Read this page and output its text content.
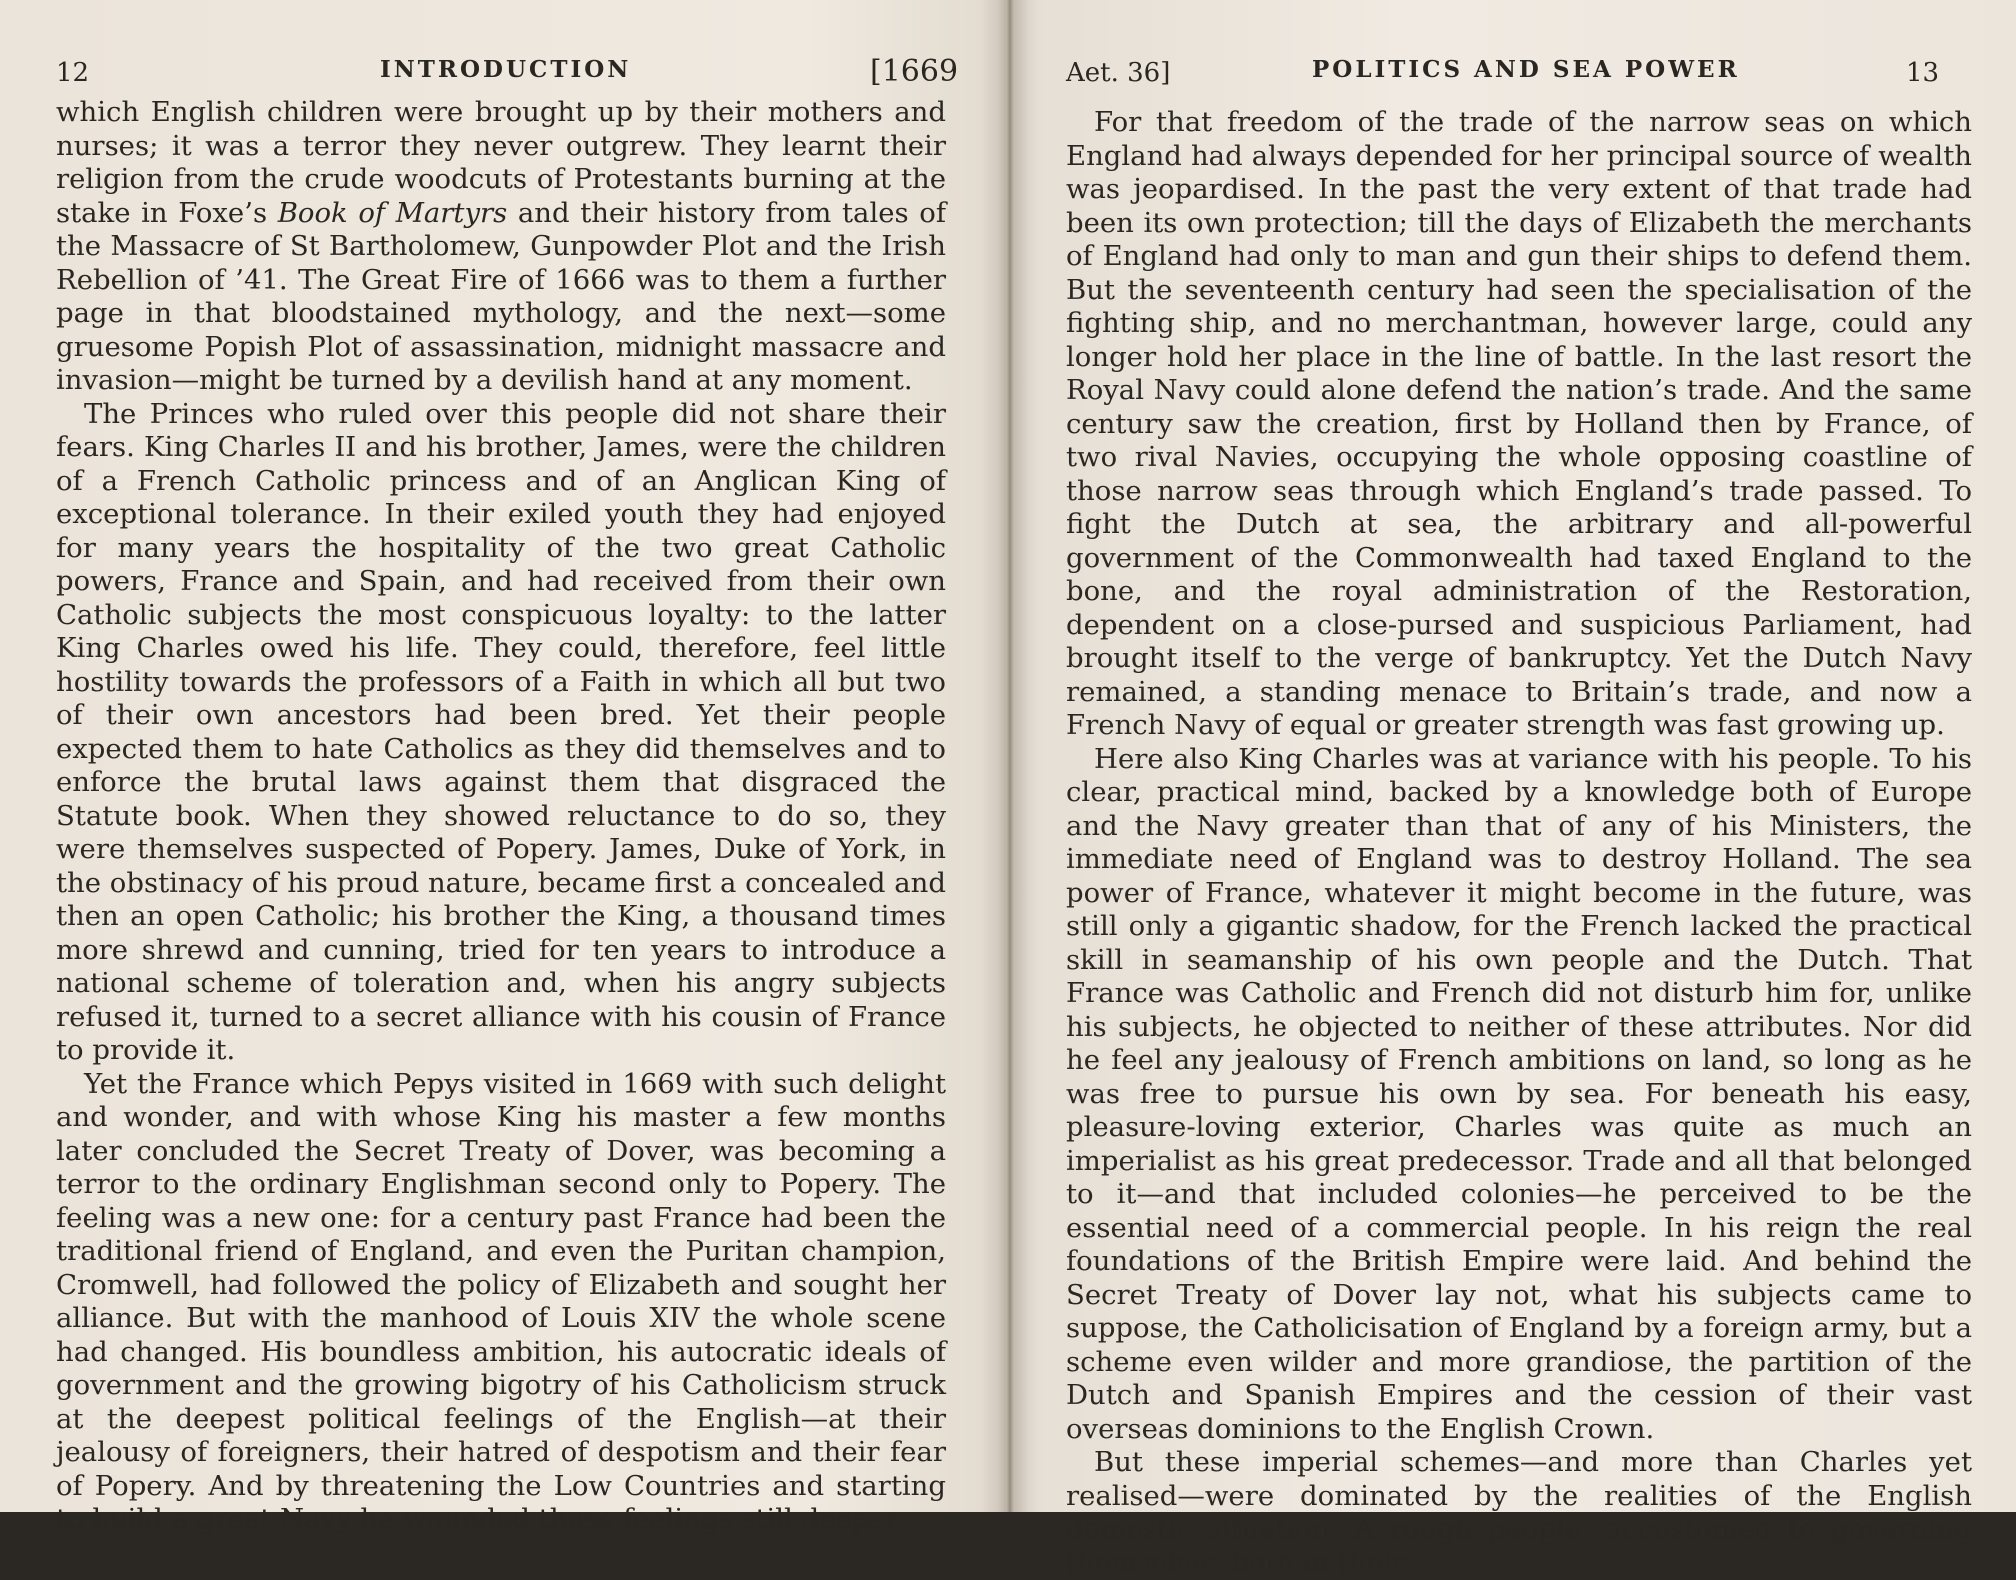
12	INTRODUCTION	[1669

which English children were brought up by their mothers and nurses; it was a terror they never outgrew. They learnt their religion from the crude woodcuts of Protestants burning at the stake in Foxe’s Book of Martyrs and their history from tales of the Massacre of St Bartholomew, Gunpowder Plot and the Irish Rebellion of ’41. The Great Fire of 1666 was to them a further page in that bloodstained mythology, and the next—some gruesome Popish Plot of assassination, midnight massacre and invasion—might be turned by a devilish hand at any moment.

The Princes who ruled over this people did not share their fears. King Charles II and his brother, James, were the children of a French Catholic princess and of an Anglican King of exceptional tolerance. In their exiled youth they had enjoyed for many years the hospitality of the two great Catholic powers, France and Spain, and had received from their own Catholic subjects the most conspicuous loyalty: to the latter King Charles owed his life. They could, therefore, feel little hostility towards the professors of a Faith in which all but two of their own ancestors had been bred. Yet their people expected them to hate Catholics as they did themselves and to enforce the brutal laws against them that disgraced the Statute book. When they showed reluctance to do so, they were themselves suspected of Popery. James, Duke of York, in the obstinacy of his proud nature, became first a concealed and then an open Catholic; his brother the King, a thousand times more shrewd and cunning, tried for ten years to introduce a national scheme of toleration and, when his angry subjects refused it, turned to a secret alliance with his cousin of France to provide it.

Yet the France which Pepys visited in 1669 with such delight and wonder, and with whose King his master a few months later concluded the Secret Treaty of Dover, was becoming a terror to the ordinary Englishman second only to Popery. The feeling was a new one: for a century past France had been the traditional friend of England, and even the Puritan champion, Cromwell, had followed the policy of Elizabeth and sought her alliance. But with the manhood of Louis XIV the whole scene had changed. His boundless ambition, his autocratic ideals of government and the growing bigotry of his Catholicism struck at the deepest political feelings of the English—at their jealousy of foreigners, their hatred of despotism and their fear of Popery. And by threatening the Low Countries and starting to build a great Navy he wounded these feelings still deeper.

Aet. 36]	POLITICS AND SEA POWER	13

For that freedom of the trade of the narrow seas on which England had always depended for her principal source of wealth was jeopardised. In the past the very extent of that trade had been its own protection; till the days of Elizabeth the merchants of England had only to man and gun their ships to defend them. But the seventeenth century had seen the specialisation of the fighting ship, and no merchantman, however large, could any longer hold her place in the line of battle. In the last resort the Royal Navy could alone defend the nation’s trade. And the same century saw the creation, first by Holland then by France, of two rival Navies, occupying the whole opposing coastline of those narrow seas through which England’s trade passed. To fight the Dutch at sea, the arbitrary and all-powerful government of the Commonwealth had taxed England to the bone, and the royal administration of the Restoration, dependent on a close-pursed and suspicious Parliament, had brought itself to the verge of bankruptcy. Yet the Dutch Navy remained, a standing menace to Britain’s trade, and now a French Navy of equal or greater strength was fast growing up.

Here also King Charles was at variance with his people. To his clear, practical mind, backed by a knowledge both of Europe and the Navy greater than that of any of his Ministers, the immediate need of England was to destroy Holland. The sea power of France, whatever it might become in the future, was still only a gigantic shadow, for the French lacked the practical skill in seamanship of his own people and the Dutch. That France was Catholic and French did not disturb him for, unlike his subjects, he objected to neither of these attributes. Nor did he feel any jealousy of French ambitions on land, so long as he was free to pursue his own by sea. For beneath his easy, pleasure-loving exterior, Charles was quite as much an imperialist as his great predecessor. Trade and all that belonged to it—and that included colonies—he perceived to be the essential need of a commercial people. In his reign the real foundations of the British Empire were laid. And behind the Secret Treaty of Dover lay not, what his subjects came to suppose, the Catholicisation of England by a foreign army, but a scheme even wilder and more grandiose, the partition of the Dutch and Spanish Empires and the cession of their vast overseas dominions to the English Crown.

But these imperial schemes—and more than Charles yet realised—were dominated by the realities of the English domestic situation. A rough people, accustomed to governing themselves both in their
